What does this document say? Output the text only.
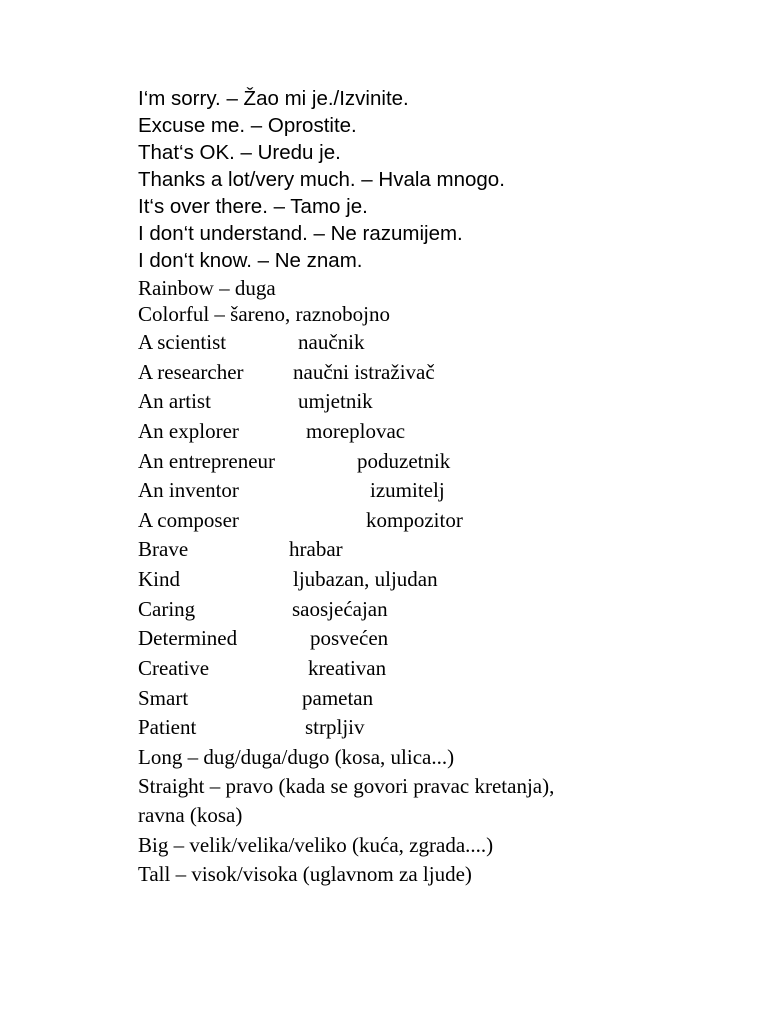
I‘m sorry. – Žao mi je./Izvinite.
Excuse me. – Oprostite.
That‘s OK. – Uredu je.
Thanks a lot/very much. – Hvala mnogo.
It‘s over there. – Tamo je.
I don‘t understand. – Ne razumijem.
I don‘t know. – Ne znam.
Rainbow – duga
Colorful – šareno, raznobojno
A scientist	naučnik
A researcher naučni istraživač
An artist	umjetnik
An explorer	moreplovac
An entrepreneur	poduzetnik
An inventor	izumitelj
A composer	kompozitor
Brave	hrabar
Kind	ljubazan, uljudan
Caring	saosjećajan
Determined	posvećen
Creative	kreativan
Smart	pametan
Patient	strpljiv
Long – dug/duga/dugo (kosa, ulica...)
Straight – pravo (kada se govori pravac kretanja),
ravna (kosa)
Big – velik/velika/veliko (kuća, zgrada....)
Tall – visok/visoka (uglavnom za ljude)
